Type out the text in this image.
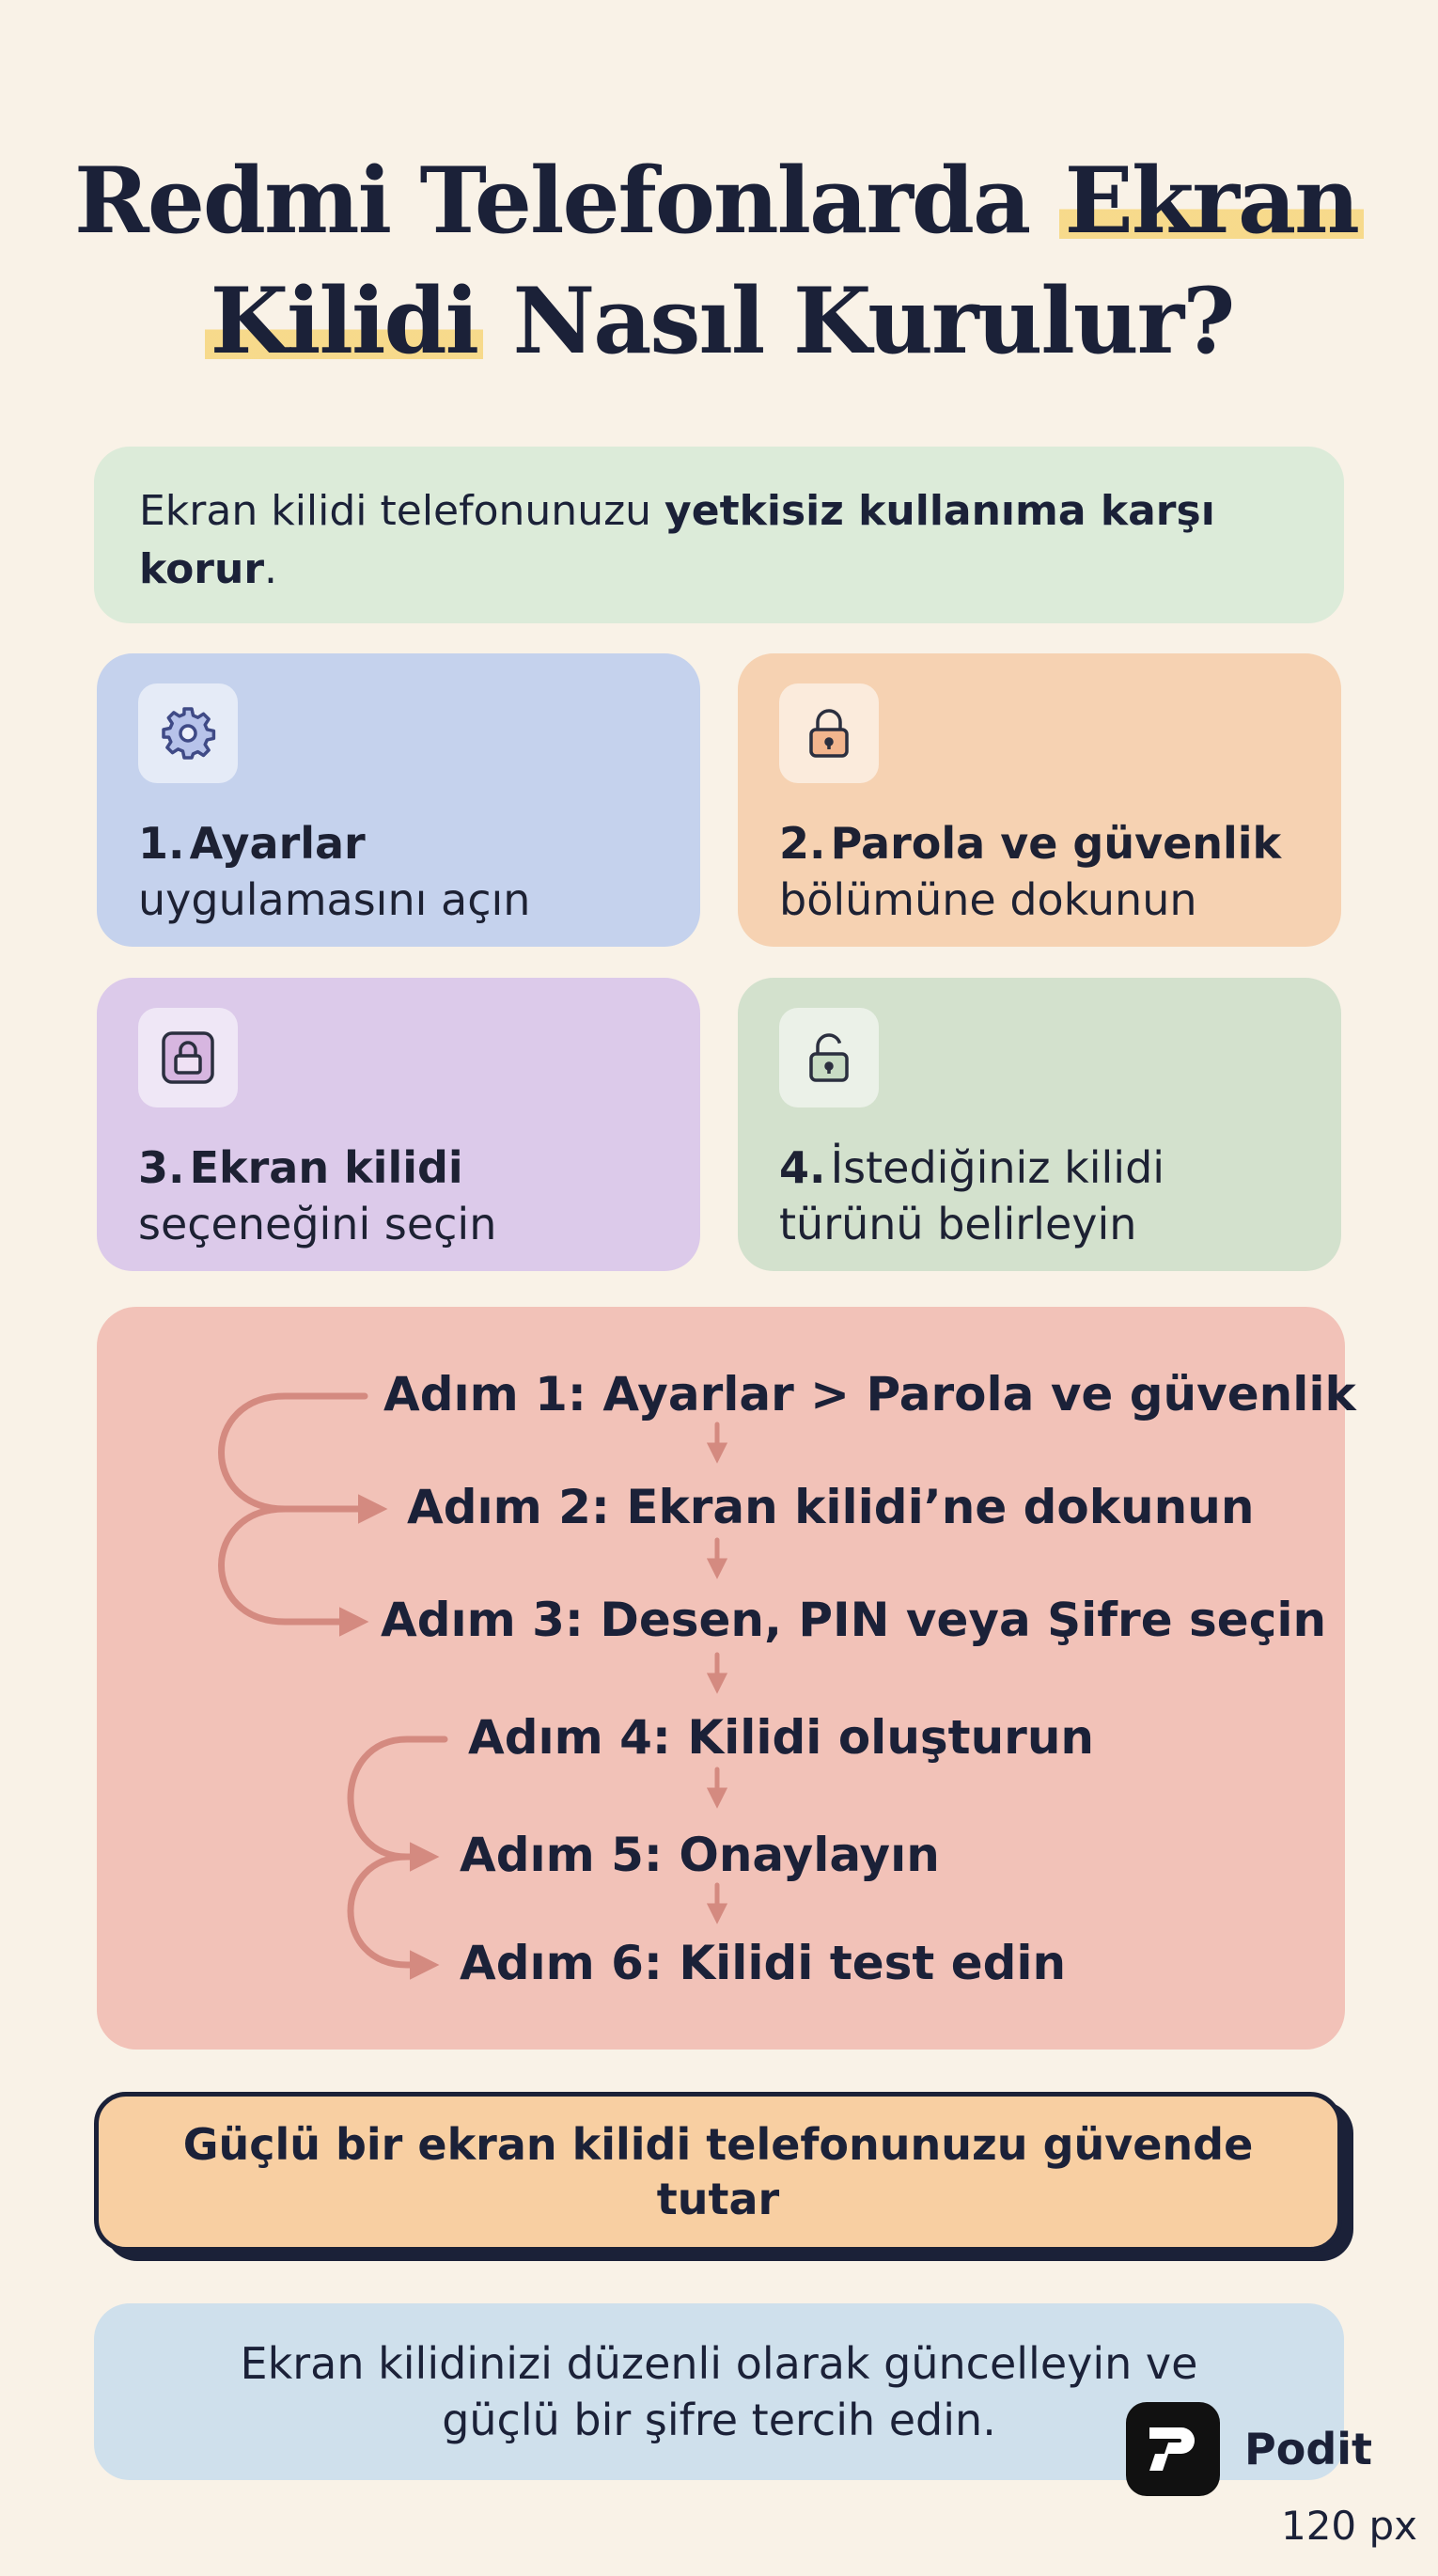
Redmi Telefonlarda Ekran
Kilidi Nasıl Kurulur?
Ekran kilidi telefonunuzu yetkisiz kullanıma karşı
korur.
1. Ayarlar
uygulamasını açın
2. Parola ve güvenlik
bölümüne dokunun
3. Ekran kilidi
seçeneğini seçin
4. İstediğiniz kilidi
türünü belirleyin
Adım 1: Ayarlar > Parola ve güvenlik
Adım 2: Ekran kilidi’ne dokunun
Adım 3: Desen, PIN veya Şifre seçin
Adım 4: Kilidi oluşturun
Adım 5: Onaylayın
Adım 6: Kilidi test edin
Güçlü bir ekran kilidi telefonunuzu güvende
tutar
Ekran kilidinizi düzenli olarak güncelleyin ve
güçlü bir şifre tercih edin.
Podit
120 px
